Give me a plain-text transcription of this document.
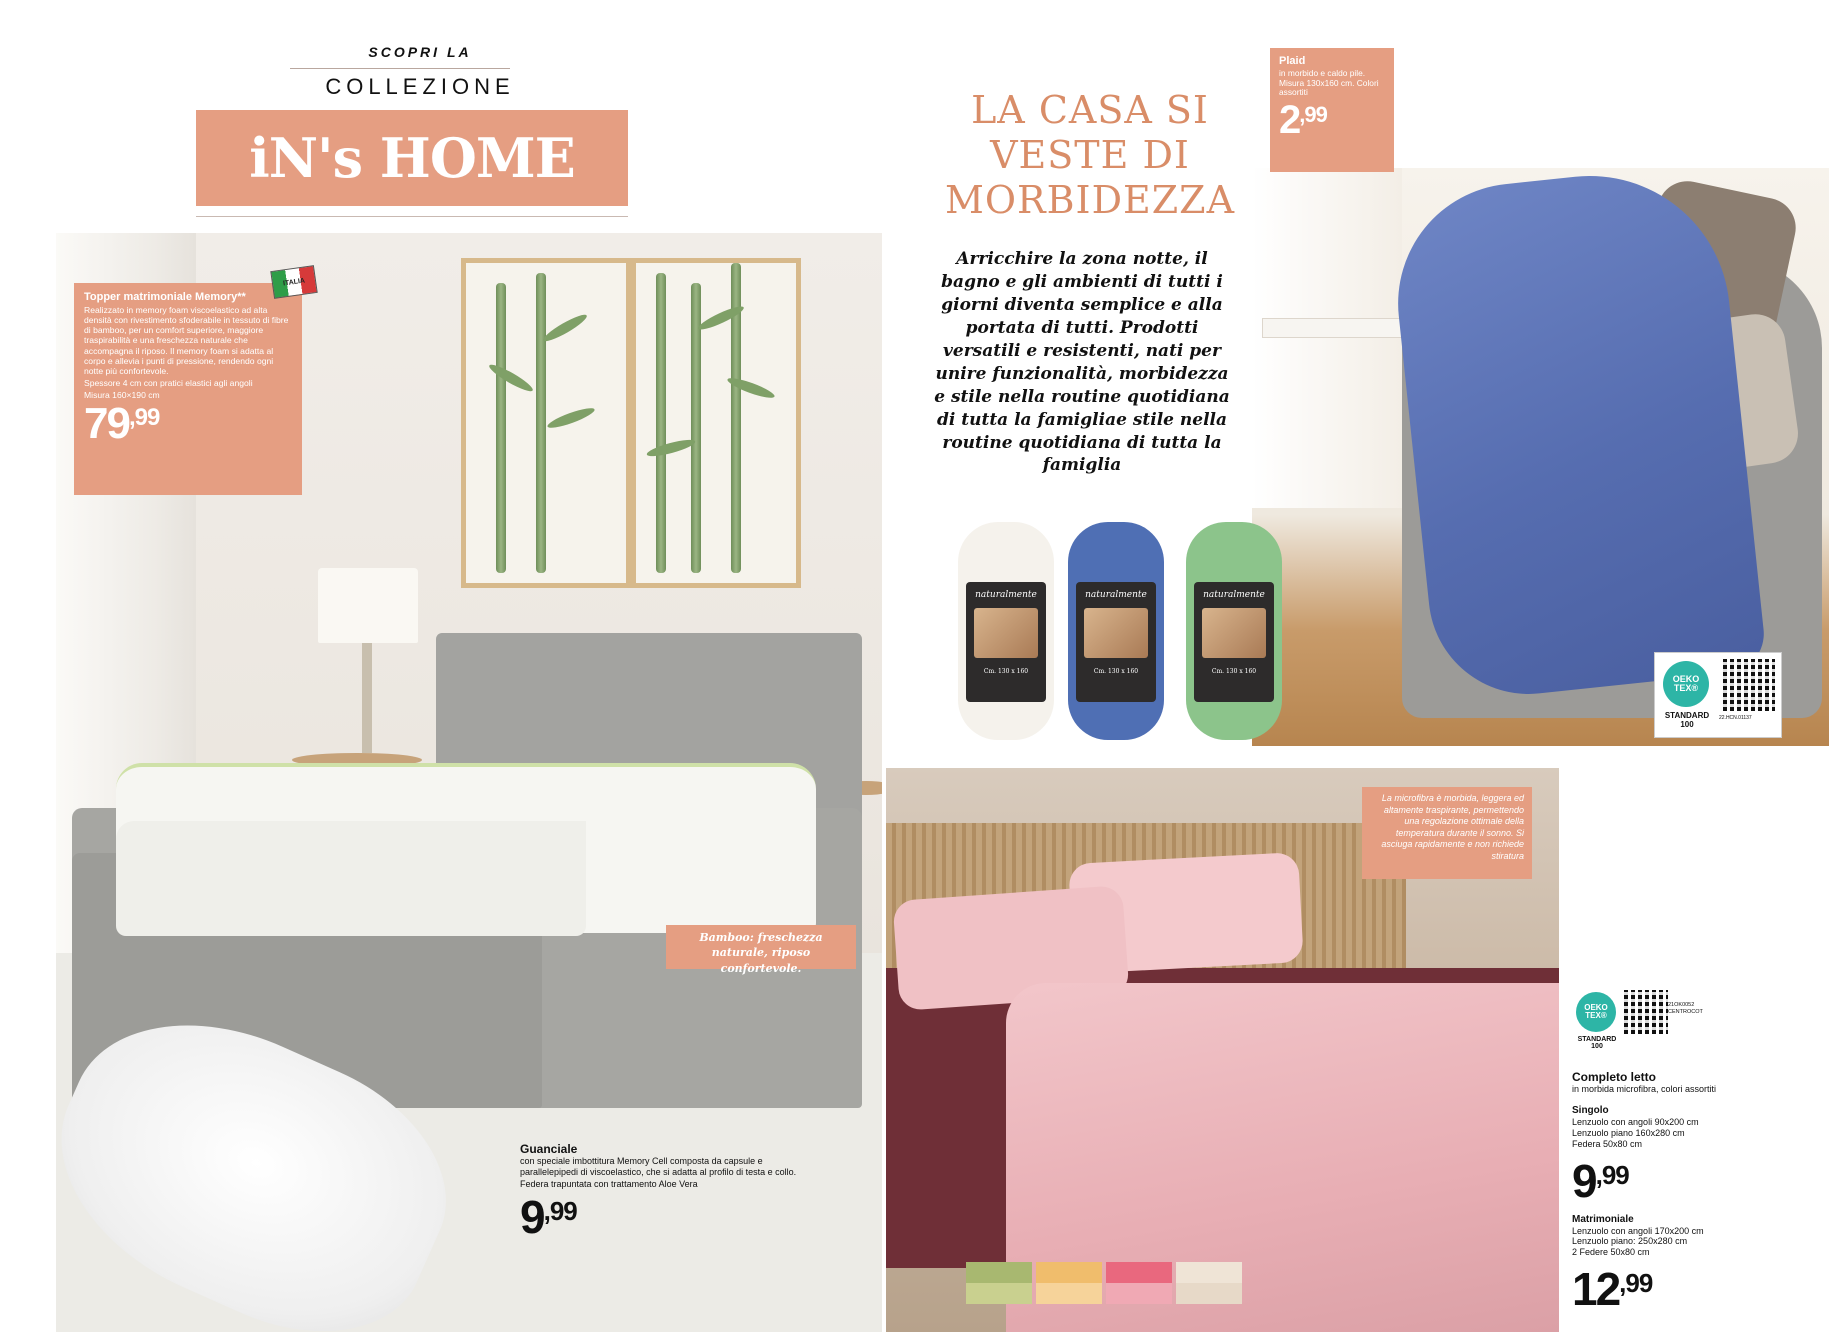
SCOPRI LA
COLLEZIONE
iN's HOME
Topper matrimoniale Memory**
Realizzato in memory foam viscoelastico ad alta densità con rivestimento sfoderabile in tessuto di fibre di bamboo, per un comfort superiore, maggiore traspirabilità e una freschezza naturale che accompagna il riposo. Il memory foam si adatta al corpo e allevia i punti di pressione, rendendo ogni notte più confortevole.
Spessore 4 cm con pratici elastici agli angoli
Misura 160×190 cm
79,99
ITALIA
Bamboo: freschezza naturale, riposo confortevole.
Guanciale
con speciale imbottitura Memory Cell composta da capsule e parallelepipedi di viscoelastico, che si adatta al profilo di testa e collo. Federa trapuntata con trattamento Aloe Vera
9,99
LA CASA SI VESTE DI MORBIDEZZA
Arricchire la zona notte, il bagno e gli ambienti di tutti i giorni diventa semplice e alla portata di tutti. Prodotti versatili e resistenti, nati per unire funzionalità, morbidezza e stile nella routine quotidiana di tutta la famigliae stile nella routine quotidiana di tutta la famiglia
Plaid
in morbido e caldo pile. Misura 130x160 cm. Colori assortiti
2,99
OEKO TEX®
STANDARD 100
22.HCN.01137
naturalmente
Cm. 130 x 160
naturalmente
Cm. 130 x 160
naturalmente
Cm. 130 x 160
La microfibra è morbida, leggera ed altamente traspirante, permettendo una regolazione ottimale della temperatura durante il sonno. Si asciuga rapidamente e non richiede stiratura
OEKO TEX®
STANDARD 100
21OK0052 CENTROCOT
Completo letto
in morbida microfibra, colori assortiti
Singolo
Lenzuolo con angoli 90x200 cm
Lenzuolo piano 160x280 cm
Federa 50x80 cm
9,99
Matrimoniale
Lenzuolo con angoli 170x200 cm
Lenzuolo piano: 250x280 cm
2 Federe 50x80 cm
12,99
